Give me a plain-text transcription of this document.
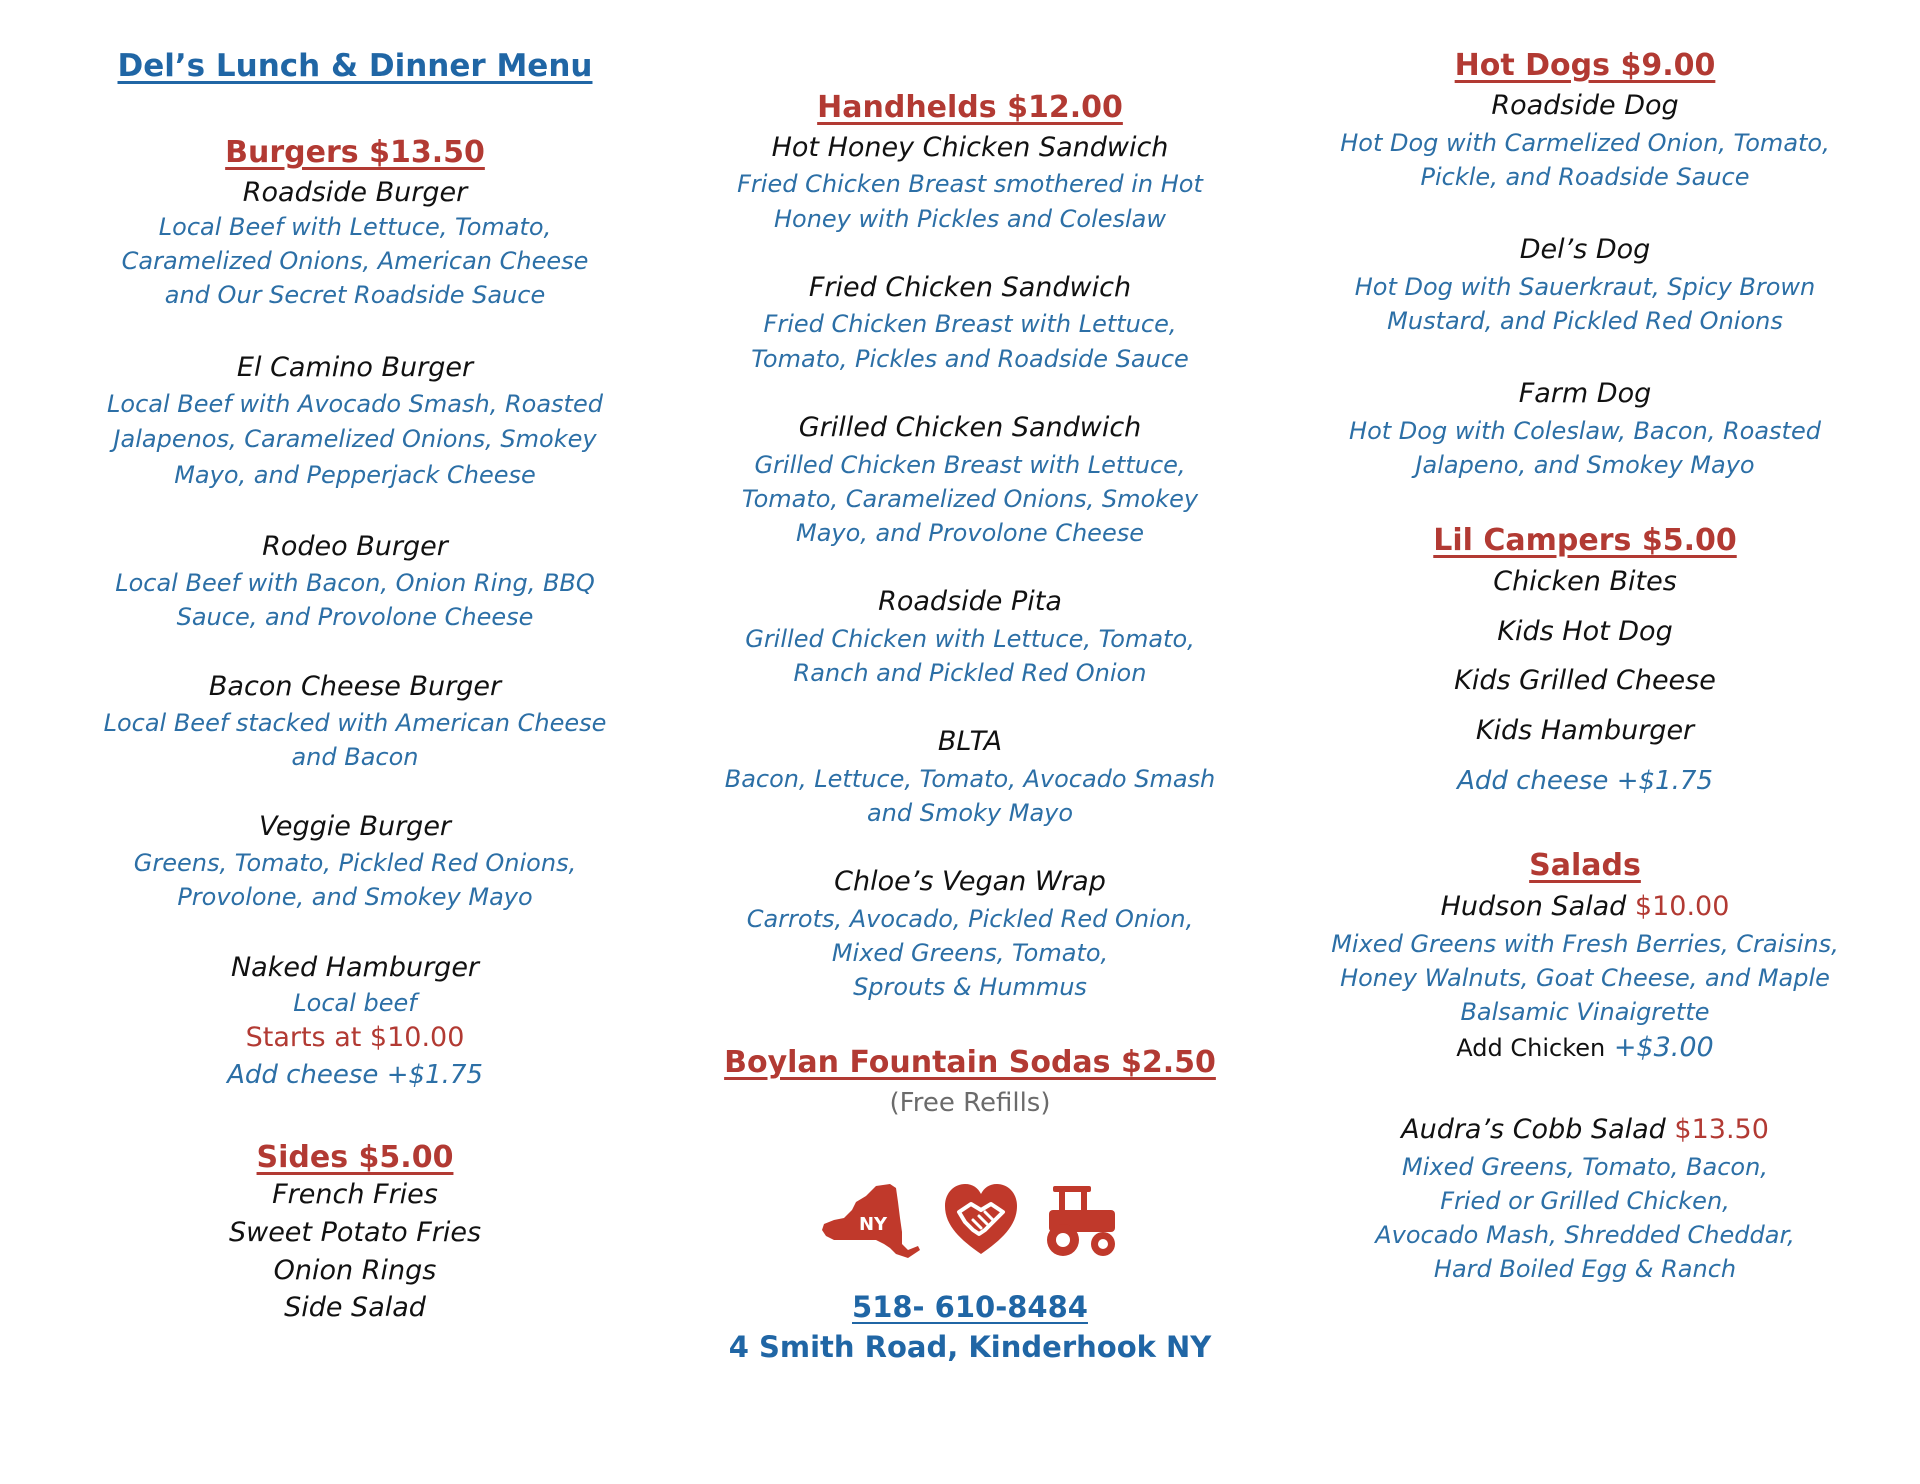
Del’s Lunch & Dinner Menu
Burgers $13.50
Roadside Burger
Local Beef with Lettuce, Tomato,
Caramelized Onions, American Cheese
and Our Secret Roadside Sauce
El Camino Burger
Local Beef with Avocado Smash, Roasted
Jalapenos, Caramelized Onions, Smokey
Mayo, and Pepperjack Cheese
Rodeo Burger
Local Beef with Bacon, Onion Ring, BBQ
Sauce, and Provolone Cheese
Bacon Cheese Burger
Local Beef stacked with American Cheese
and Bacon
Veggie Burger
Greens, Tomato, Pickled Red Onions,
Provolone, and Smokey Mayo
Naked Hamburger
Local beef
Starts at $10.00
Add cheese +$1.75
Sides $5.00
French Fries
Sweet Potato Fries
Onion Rings
Side Salad
Handhelds $12.00
Hot Honey Chicken Sandwich
Fried Chicken Breast smothered in Hot
Honey with Pickles and Coleslaw
Fried Chicken Sandwich
Fried Chicken Breast with Lettuce,
Tomato, Pickles and Roadside Sauce
Grilled Chicken Sandwich
Grilled Chicken Breast with Lettuce,
Tomato, Caramelized Onions, Smokey
Mayo, and Provolone Cheese
Roadside Pita
Grilled Chicken with Lettuce, Tomato,
Ranch and Pickled Red Onion
BLTA
Bacon, Lettuce, Tomato, Avocado Smash
and Smoky Mayo
Chloe’s Vegan Wrap
Carrots, Avocado, Pickled Red Onion,
Mixed Greens, Tomato,
Sprouts & Hummus
Boylan Fountain Sodas $2.50
(Free Refills)
NY
518- 610-8484
4 Smith Road, Kinderhook NY
Hot Dogs $9.00
Roadside Dog
Hot Dog with Carmelized Onion, Tomato,
Pickle, and Roadside Sauce
Del’s Dog
Hot Dog with Sauerkraut, Spicy Brown
Mustard, and Pickled Red Onions
Farm Dog
Hot Dog with Coleslaw, Bacon, Roasted
Jalapeno, and Smokey Mayo
Lil Campers $5.00
Chicken Bites
Kids Hot Dog
Kids Grilled Cheese
Kids Hamburger
Add cheese +$1.75
Salads
Hudson Salad $10.00
Mixed Greens with Fresh Berries, Craisins,
Honey Walnuts, Goat Cheese, and Maple
Balsamic Vinaigrette
Add Chicken +$3.00
Audra’s Cobb Salad $13.50
Mixed Greens, Tomato, Bacon,
Fried or Grilled Chicken,
Avocado Mash, Shredded Cheddar,
Hard Boiled Egg & Ranch
